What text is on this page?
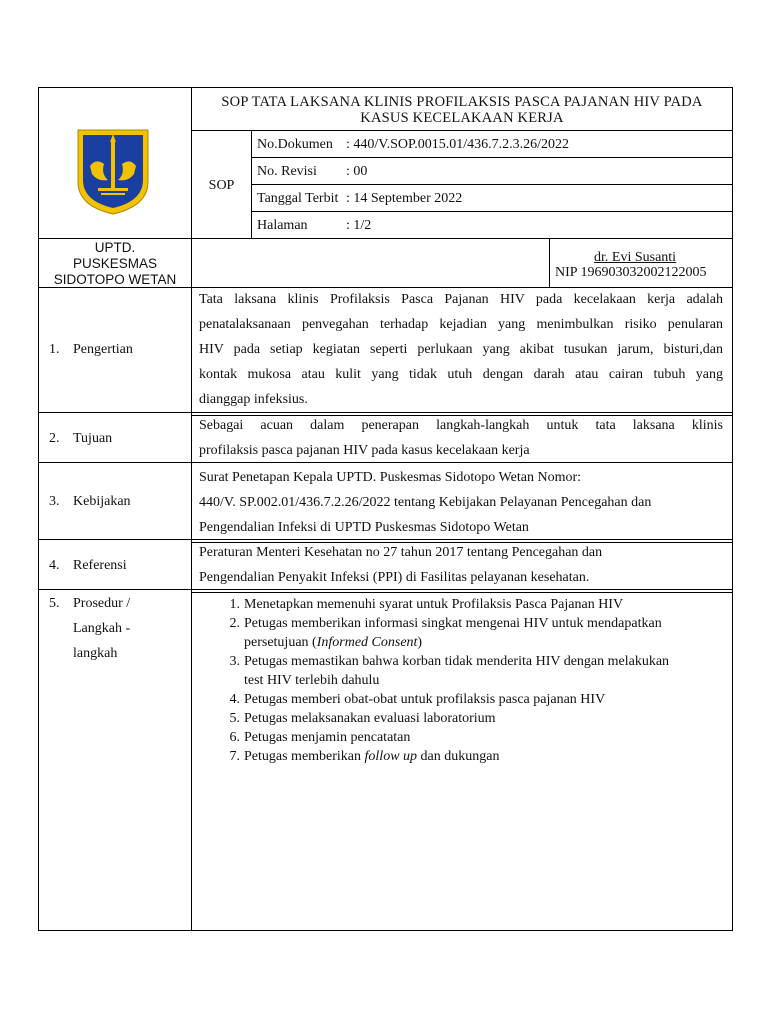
SOP TATA LAKSANA KLINIS PROFILAKSIS PASCA PAJANAN HIV PADA
KASUS KECELAKAAN KERJA
SOP
No.Dokumen : 440/V.SOP.0015.01/436.7.2.3.26/2022
No. Revisi : 00
Tanggal Terbit : 14 September 2022
Halaman	: 1/2
UPTD.
PUSKESMAS
SIDOTOPO WETAN
dr. Evi Susanti
NIP 196903032002122005
1. Pengertian
Tata laksana klinis Profilaksis Pasca Pajanan HIV pada kecelakaan kerja adalah
penatalaksanaan penvegahan terhadap kejadian yang menimbulkan risiko penularan
HIV pada setiap kegiatan seperti perlukaan yang akibat tusukan jarum, bisturi,dan
kontak mukosa atau kulit yang tidak utuh dengan darah atau cairan tubuh yang
dianggap infeksius.
2. Tujuan
Sebagai acuan dalam penerapan langkah-langkah untuk tata laksana klinis
profilaksis pasca pajanan HIV pada kasus kecelakaan kerja
3. Kebijakan
Surat Penetapan Kepala UPTD. Puskesmas Sidotopo Wetan Nomor:
440/V. SP.002.01/436.7.2.26/2022 tentang Kebijakan Pelayanan Pencegahan dan
Pengendalian Infeksi di UPTD Puskesmas Sidotopo Wetan
4. Referensi
Peraturan Menteri Kesehatan no 27 tahun 2017 tentang Pencegahan dan
Pengendalian Penyakit Infeksi (PPI) di Fasilitas pelayanan kesehatan.
5. Prosedur /
Langkah -
langkah
1. Menetapkan memenuhi syarat untuk Profilaksis Pasca Pajanan HIV
2. Petugas memberikan informasi singkat mengenai HIV untuk mendapatkan
persetujuan (Informed Consent)
3. Petugas memastikan bahwa korban tidak menderita HIV dengan melakukan
test HIV terlebih dahulu
4. Petugas memberi obat-obat untuk profilaksis pasca pajanan HIV
5. Petugas melaksanakan evaluasi laboratorium
6. Petugas menjamin pencatatan
7. Petugas memberikan follow up dan dukungan
